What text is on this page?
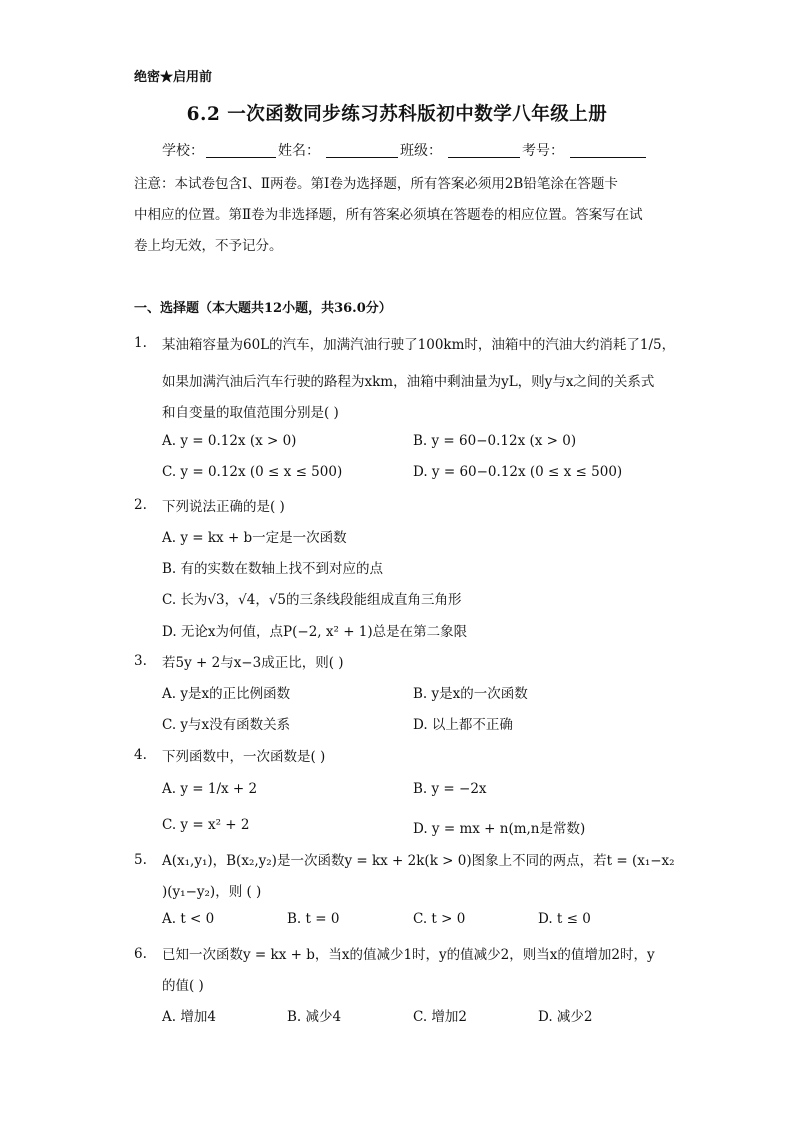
绝密★启用前
6.2 一次函数同步练习苏科版初中数学八年级上册
学校：	姓名：	班级：	考号：
注意：本试卷包含Ⅰ、Ⅱ两卷。第Ⅰ卷为选择题，所有答案必须用2B铅笔涂在答题卡
中相应的位置。第Ⅱ卷为非选择题，所有答案必须填在答题卷的相应位置。答案写在试
卷上均无效，不予记分。
一、选择题（本大题共12小题，共36.0分）
1. 某油箱容量为60L的汽车，加满汽油行驶了100km时，油箱中的汽油大约消耗了1/5，
如果加满汽油后汽车行驶的路程为xkm，油箱中剩油量为yL，则y与x之间的关系式
和自变量的取值范围分别是( )
A. y = 0.12x (x > 0)	B. y = 60−0.12x (x > 0)
C. y = 0.12x (0 ≤ x ≤ 500)	D. y = 60−0.12x (0 ≤ x ≤ 500)
2. 下列说法正确的是( )
A. y = kx + b一定是一次函数
B. 有的实数在数轴上找不到对应的点
C. 长为√3，√4，√5的三条线段能组成直角三角形
D. 无论x为何值，点P(−2, x² + 1)总是在第二象限
3. 若5y + 2与x−3成正比，则( )
A. y是x的正比例函数	B. y是x的一次函数
C. y与x没有函数关系	D. 以上都不正确
4. 下列函数中，一次函数是( )
A. y = 1/x + 2	B. y = −2x
C. y = x² + 2	D. y = mx + n(m,n是常数)
5. A(x₁,y₁)，B(x₂,y₂)是一次函数y = kx + 2k(k > 0)图象上不同的两点，若t = (x₁−x₂
)(y₁−y₂)，则 ( )
A. t < 0	B. t = 0	C. t > 0	D. t ≤ 0
6. 已知一次函数y = kx + b，当x的值减少1时，y的值减少2，则当x的值增加2时，y
的值( )
A. 增加4	B. 减少4	C. 增加2	D. 减少2
